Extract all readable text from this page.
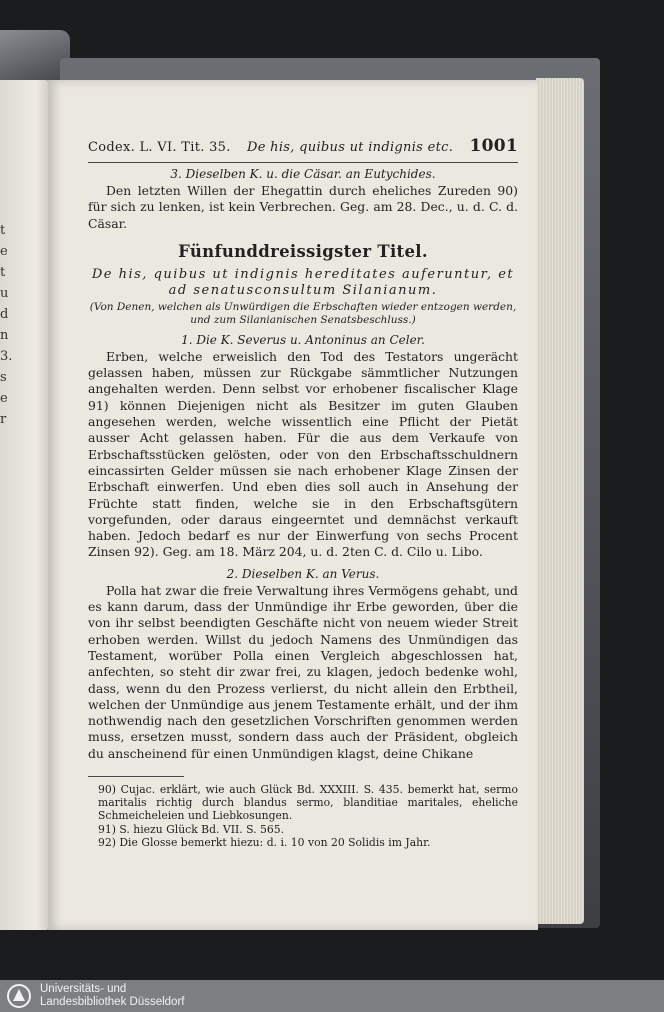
t
e
t
u
d
n
3.
s
e
r
Codex. L. VI. Tit. 35. De his, quibus ut indignis etc. 1001

3. Dieselben K. u. die Cäsar. an Eutychides.

Den letzten Willen der Ehegattin durch eheliches Zureden 90) für sich zu lenken, ist kein Verbrechen. Geg. am 28. Dec., u. d. C. d. Cäsar.

Fünfunddreissigster Titel.

De his, quibus ut indignis hereditates auferuntur, et ad senatusconsultum Silanianum.

(Von Denen, welchen als Unwürdigen die Erbschaften wieder entzogen werden, und zum Silanianischen Senatsbeschluss.)

1. Die K. Severus u. Antoninus an Celer.

Erben, welche erweislich den Tod des Testators ungerächt gelassen haben, müssen zur Rückgabe sämmtlicher Nutzungen angehalten werden. Denn selbst vor erhobener fiscalischer Klage 91) können Diejenigen nicht als Besitzer im guten Glauben angesehen werden, welche wissentlich eine Pflicht der Pietät ausser Acht gelassen haben. Für die aus dem Verkaufe von Erbschaftsstücken gelösten, oder von den Erbschaftsschuldnern eincassirten Gelder müssen sie nach erhobener Klage Zinsen der Erbschaft einwerfen. Und eben dies soll auch in Ansehung der Früchte statt finden, welche sie in den Erbschaftsgütern vorgefunden, oder daraus eingeerntet und demnächst verkauft haben. Jedoch bedarf es nur der Einwerfung von sechs Procent Zinsen 92). Geg. am 18. März 204, u. d. 2ten C. d. Cilo u. Libo.

2. Dieselben K. an Verus.

Polla hat zwar die freie Verwaltung ihres Vermögens gehabt, und es kann darum, dass der Unmündige ihr Erbe geworden, über die von ihr selbst beendigten Geschäfte nicht von neuem wieder Streit erhoben werden. Willst du jedoch Namens des Unmündigen das Testament, worüber Polla einen Vergleich abgeschlossen hat, anfechten, so steht dir zwar frei, zu klagen, jedoch bedenke wohl, dass, wenn du den Prozess verlierst, du nicht allein den Erbtheil, welchen der Unmündige aus jenem Testamente erhält, und der ihm nothwendig nach den gesetzlichen Vorschriften genommen werden muss, ersetzen musst, sondern dass auch der Präsident, obgleich du anscheinend für einen Unmündigen klagst, deine Chikane

90) Cujac. erklärt, wie auch Glück Bd. XXXIII. S. 435. bemerkt hat, sermo maritalis richtig durch blandus sermo, blanditiae maritales, eheliche Schmeicheleien und Liebkosungen.

91) S. hiezu Glück Bd. VII. S. 565.

92) Die Glosse bemerkt hiezu: d. i. 10 von 20 Solidis im Jahr.

Universitäts- und
Landesbibliothek Düsseldorf
